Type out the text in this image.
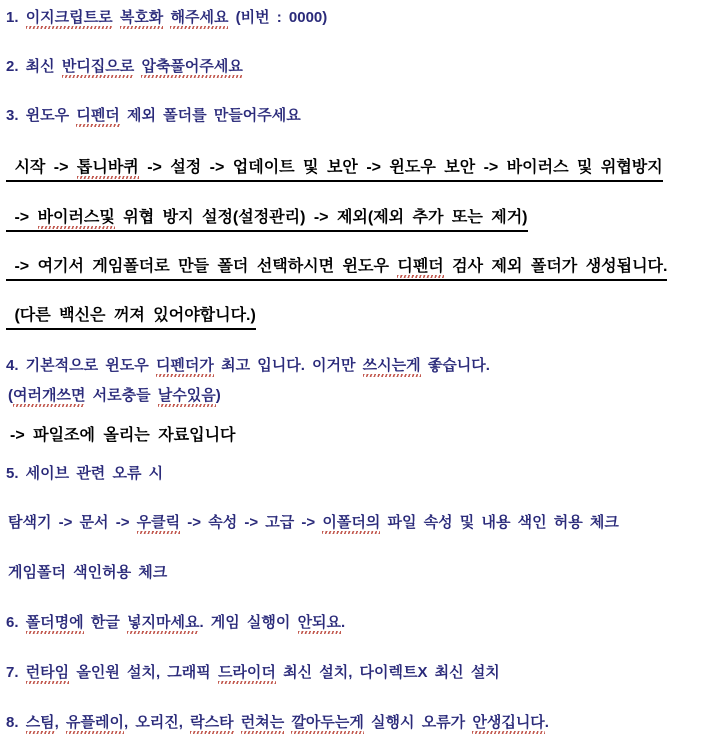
1. 이지크립트로 복호화 해주세요 (비번 : 0000)
2. 최신 반디집으로 압축풀어주세요
3. 윈도우 디펜더 제외 폴더를 만들어주세요
시작 -> 톱니바퀴 -> 설정 -> 업데이트 및 보안 -> 윈도우 보안 -> 바이러스 및 위협방지
-> 바이러스및 위협 방지 설정(설정관리) -> 제외(제외 추가 또는 제거)
-> 여기서 게임폴더로 만들 폴더 선택하시면 윈도우 디펜더 검사 제외 폴더가 생성됩니다.
(다른 백신은 꺼져 있어야합니다.)
4. 기본적으로 윈도우 디펜더가 최고 입니다. 이거만 쓰시는게 좋습니다.
(여러개쓰면 서로충들 날수있음)
-> 파일조에 올리는 자료입니다
5. 세이브 관련 오류 시
탐색기 -> 문서 -> 우클릭 -> 속성 -> 고급 -> 이폴더의 파일 속성 및 내용 색인 허용 체크
게임폴더 색인허용 체크
6. 폴더명에 한글 넣지마세요. 게임 실행이 안되요.
7. 런타임 올인원 설치, 그래픽 드라이더 최신 설치, 다이렉트X 최신 설치
8. 스팀, 유플레이, 오리진, 락스타 런쳐는 깔아두는게 실행시 오류가 안생깁니다.
